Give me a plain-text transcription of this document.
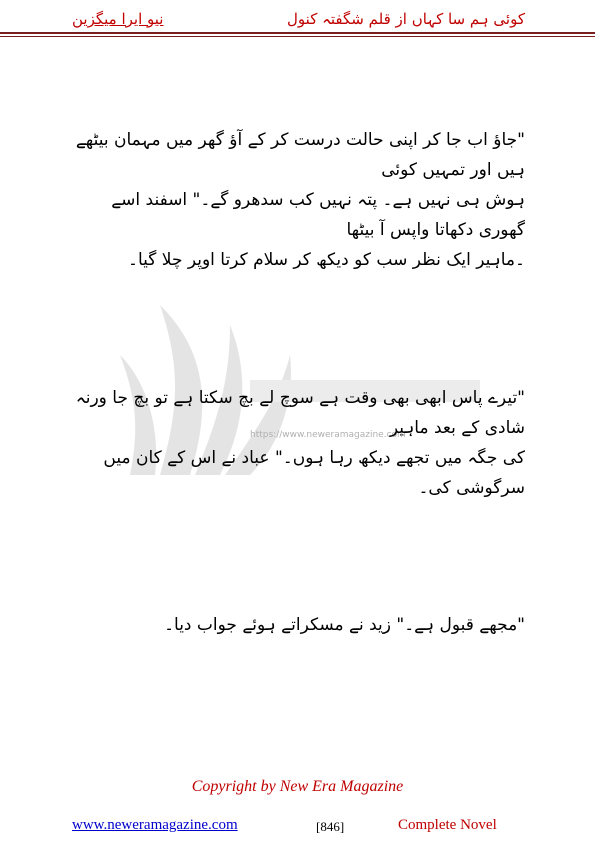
کوئی ہم سا کہاں از قلم شگفتہ کنول
نیو ایرا میگزین
https://www.neweramagazine.com
"جاؤ اب جا کر اپنی حالت درست کر کے آؤ گھر میں مہمان بیٹھے ہیں اور تمہیں کوئی
ہوش ہی نہیں ہے۔ پتہ نہیں کب سدھرو گے۔" اسفند اسے گھوری دکھاتا واپس آ بیٹھا
۔ماہیر ایک نظر سب کو دیکھ کر سلام کرتا اوپر چلا گیا۔
"تیرے پاس ابھی بھی وقت ہے سوچ لے بچ سکتا ہے تو بچ جا ورنہ شادی کے بعد ماہیر
کی جگہ میں تجھے دیکھ رہا ہوں۔" عباد نے اس کے کان میں سرگوشی کی۔
"مجھے قبول ہے۔" زید نے مسکراتے ہوئے جواب دیا۔
Copyright by New Era Magazine
www.neweramagazine.com	[846]	Complete Novel
